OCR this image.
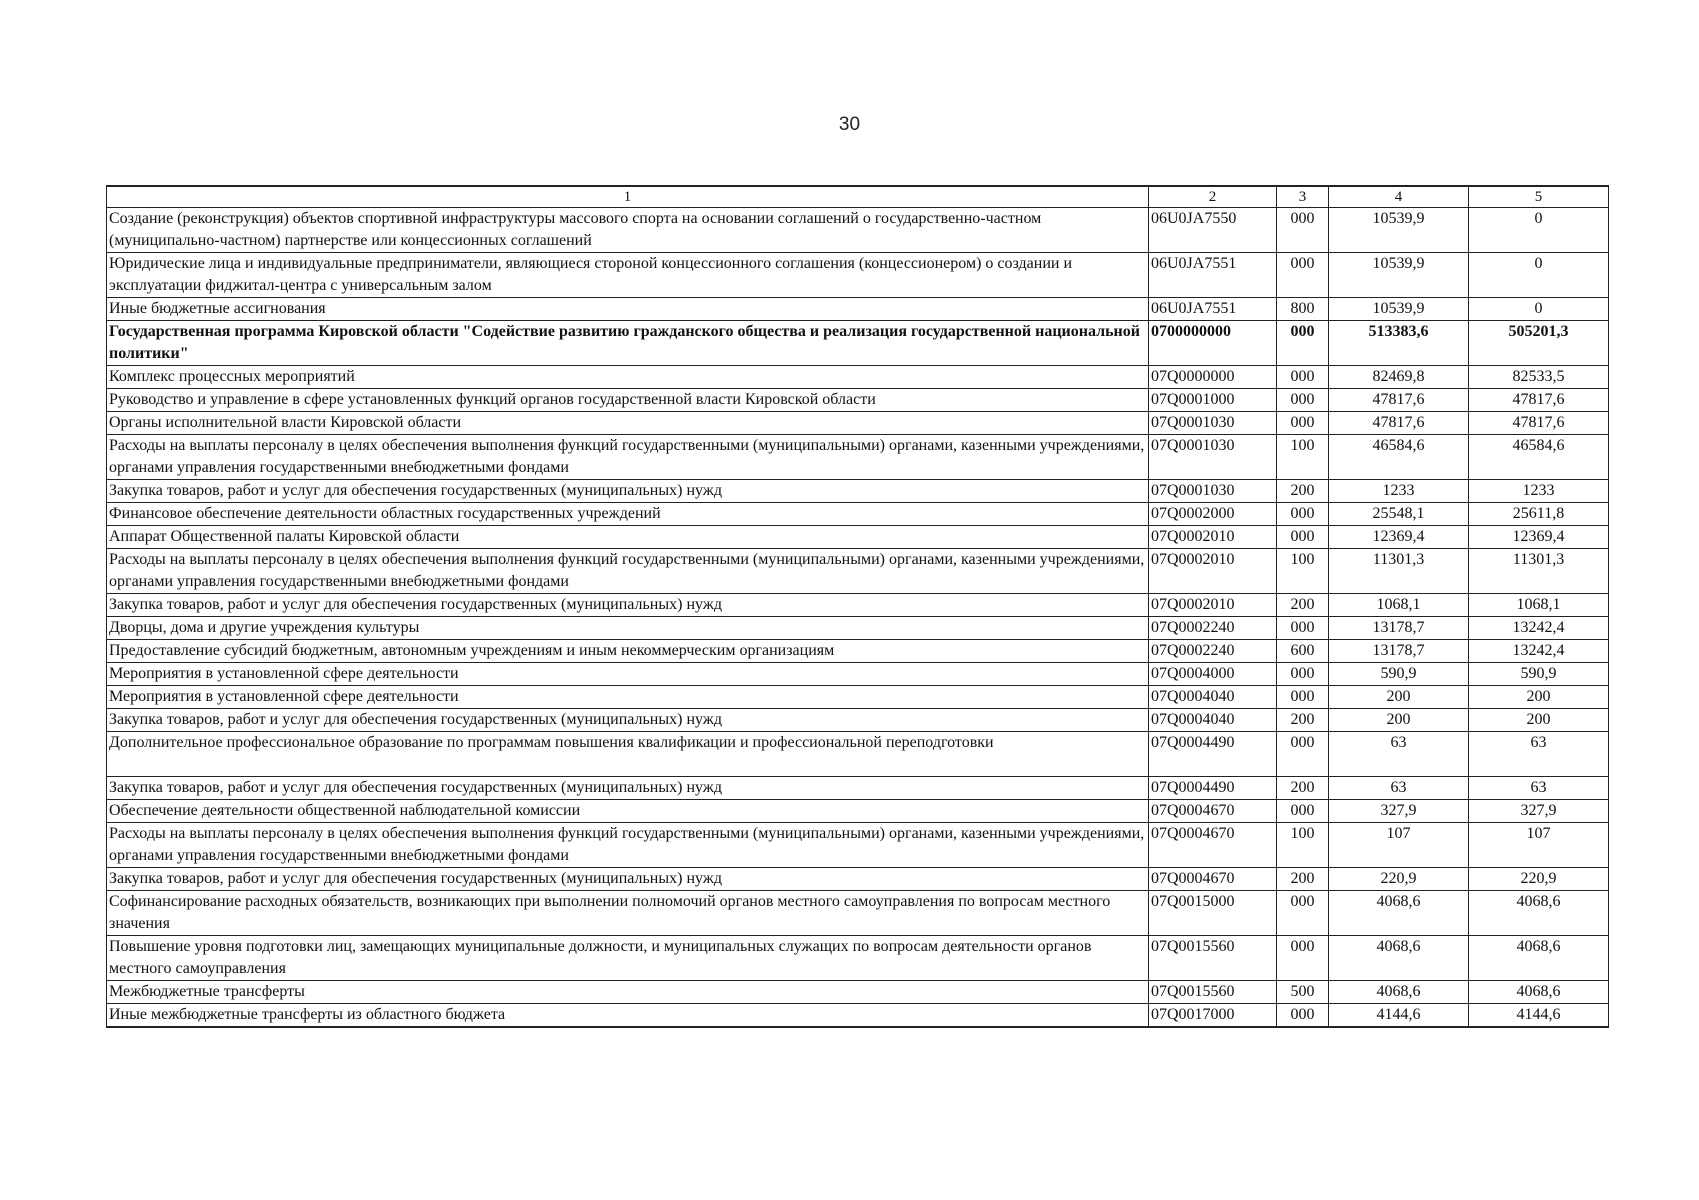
30
1	2	3	4	5
Создание (реконструкция) объектов спортивной инфраструктуры массового спорта на основании соглашений о государственно-частном (муниципально-частном) партнерстве или концессионных соглашений	06U0JA7550	000	10539,9	0
Юридические лица и индивидуальные предприниматели, являющиеся стороной концессионного соглашения (концессионером) о создании и эксплуатации фиджитал-центра с универсальным залом	06U0JA7551	000	10539,9	0
Иные бюджетные ассигнования	06U0JA7551	800	10539,9	0
Государственная программа Кировской области "Содействие развитию гражданского общества и реализация государственной национальной политики"	0700000000	000	513383,6	505201,3
Комплекс процессных мероприятий	07Q0000000	000	82469,8	82533,5
Руководство и управление в сфере установленных функций органов государственной власти Кировской области	07Q0001000	000	47817,6	47817,6
Органы исполнительной власти Кировской области	07Q0001030	000	47817,6	47817,6
Расходы на выплаты персоналу в целях обеспечения выполнения функций государственными (муниципальными) органами, казенными учреждениями, органами управления государственными внебюджетными фондами	07Q0001030	100	46584,6	46584,6
Закупка товаров, работ и услуг для обеспечения государственных (муниципальных) нужд	07Q0001030	200	1233	1233
Финансовое обеспечение деятельности областных государственных учреждений	07Q0002000	000	25548,1	25611,8
Аппарат Общественной палаты Кировской области	07Q0002010	000	12369,4	12369,4
Расходы на выплаты персоналу в целях обеспечения выполнения функций государственными (муниципальными) органами, казенными учреждениями, органами управления государственными внебюджетными фондами	07Q0002010	100	11301,3	11301,3
Закупка товаров, работ и услуг для обеспечения государственных (муниципальных) нужд	07Q0002010	200	1068,1	1068,1
Дворцы, дома и другие учреждения культуры	07Q0002240	000	13178,7	13242,4
Предоставление субсидий бюджетным, автономным учреждениям и иным некоммерческим организациям	07Q0002240	600	13178,7	13242,4
Мероприятия в установленной сфере деятельности	07Q0004000	000	590,9	590,9
Мероприятия в установленной сфере деятельности	07Q0004040	000	200	200
Закупка товаров, работ и услуг для обеспечения государственных (муниципальных) нужд	07Q0004040	200	200	200
Дополнительное профессиональное образование по программам повышения квалификации и профессиональной переподготовки	07Q0004490	000	63	63
Закупка товаров, работ и услуг для обеспечения государственных (муниципальных) нужд	07Q0004490	200	63	63
Обеспечение деятельности общественной наблюдательной комиссии	07Q0004670	000	327,9	327,9
Расходы на выплаты персоналу в целях обеспечения выполнения функций государственными (муниципальными) органами, казенными учреждениями, органами управления государственными внебюджетными фондами	07Q0004670	100	107	107
Закупка товаров, работ и услуг для обеспечения государственных (муниципальных) нужд	07Q0004670	200	220,9	220,9
Софинансирование расходных обязательств, возникающих при выполнении полномочий органов местного самоуправления по вопросам местного значения	07Q0015000	000	4068,6	4068,6
Повышение уровня подготовки лиц, замещающих муниципальные должности, и муниципальных служащих по вопросам деятельности органов местного самоуправления	07Q0015560	000	4068,6	4068,6
Межбюджетные трансферты	07Q0015560	500	4068,6	4068,6
Иные межбюджетные трансферты из областного бюджета	07Q0017000	000	4144,6	4144,6
